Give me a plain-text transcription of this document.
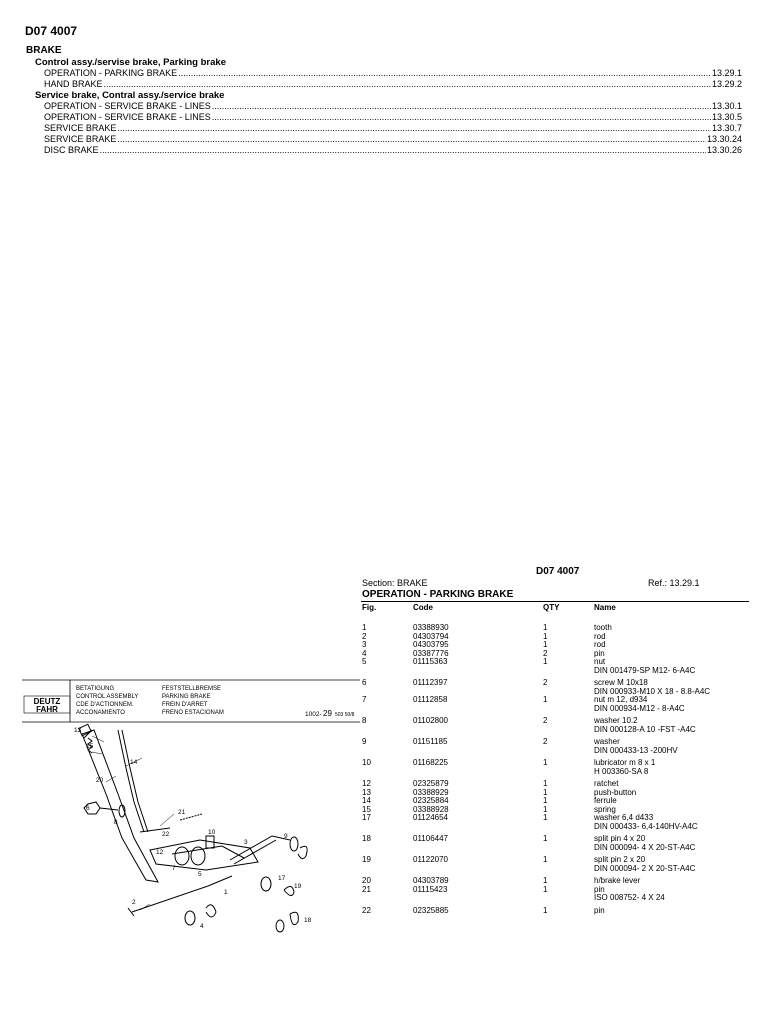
D07 4007
BRAKE
Control assy./servise brake, Parking brake
OPERATION - PARKING BRAKE .....	13.29.1
HAND BRAKE .....	13.29.2
Service brake, Contral assy./service brake
OPERATION - SERVICE BRAKE - LINES .....	13.30.1
OPERATION - SERVICE BRAKE - LINES .....	13.30.5
SERVICE BRAKE .....	13.30.7
SERVICE BRAKE .....	13.30.24
DISC BRAKE .....	13.30.26
D07 4007
Section: BRAKE	Ref.: 13.29.1
OPERATION - PARKING BRAKE
Fig.	Code	QTY	Name
1	03388930	1	tooth
2	04303794	1	rod
3	04303795	1	rod
4	03387776	2	pin
5	01115363	1	nut
DIN 001479-SP M12- 6-A4C
6	01112397	2	screw M 10x18
DIN 000933-M10 X 18 - 8.8-A4C
7	01112858	1	nut m 12, d934
DIN 000934-M12 - 8-A4C
8	01102800	2	washer 10.2
DIN 000128-A 10 -FST -A4C
9	01151185	2	washer
DIN 000433-13 -200HV
10	01168225	1	lubricator m 8 x 1
H 003360-SA 8
12	02325879	1	ratchet
13	03388929	1	push-button
14	02325884	1	ferrule
15	03388928	1	spring
17	01124654	1	washer 6,4 d433
DIN 000433- 6,4-140HV-A4C
18	01106447	1	split pin 4 x 20
DIN 000094- 4 X 20-ST-A4C
19	01122070	1	split pin 2 x 20
DIN 000094- 2 X 20-ST-A4C
20	04303789	1	h/brake lever
21	01115423	1	pin
ISO 008752- 4 X 24
22	02325885	1	pin
DEUTZ
FAHR
BETATIGUNG
CONTROL ASSEMBLY
CDE D'ACTIONNEM.
ACCONAMIENTO
FESTSTELLBREMSE
PARKING BRAKE
FREIN D'ARRET
FRENO ESTACIONAM	1002- 29 503 50/8
13
15
14
20
6
8
22
21
10
3
9
12
7
5
1
4
2
17
19
18
